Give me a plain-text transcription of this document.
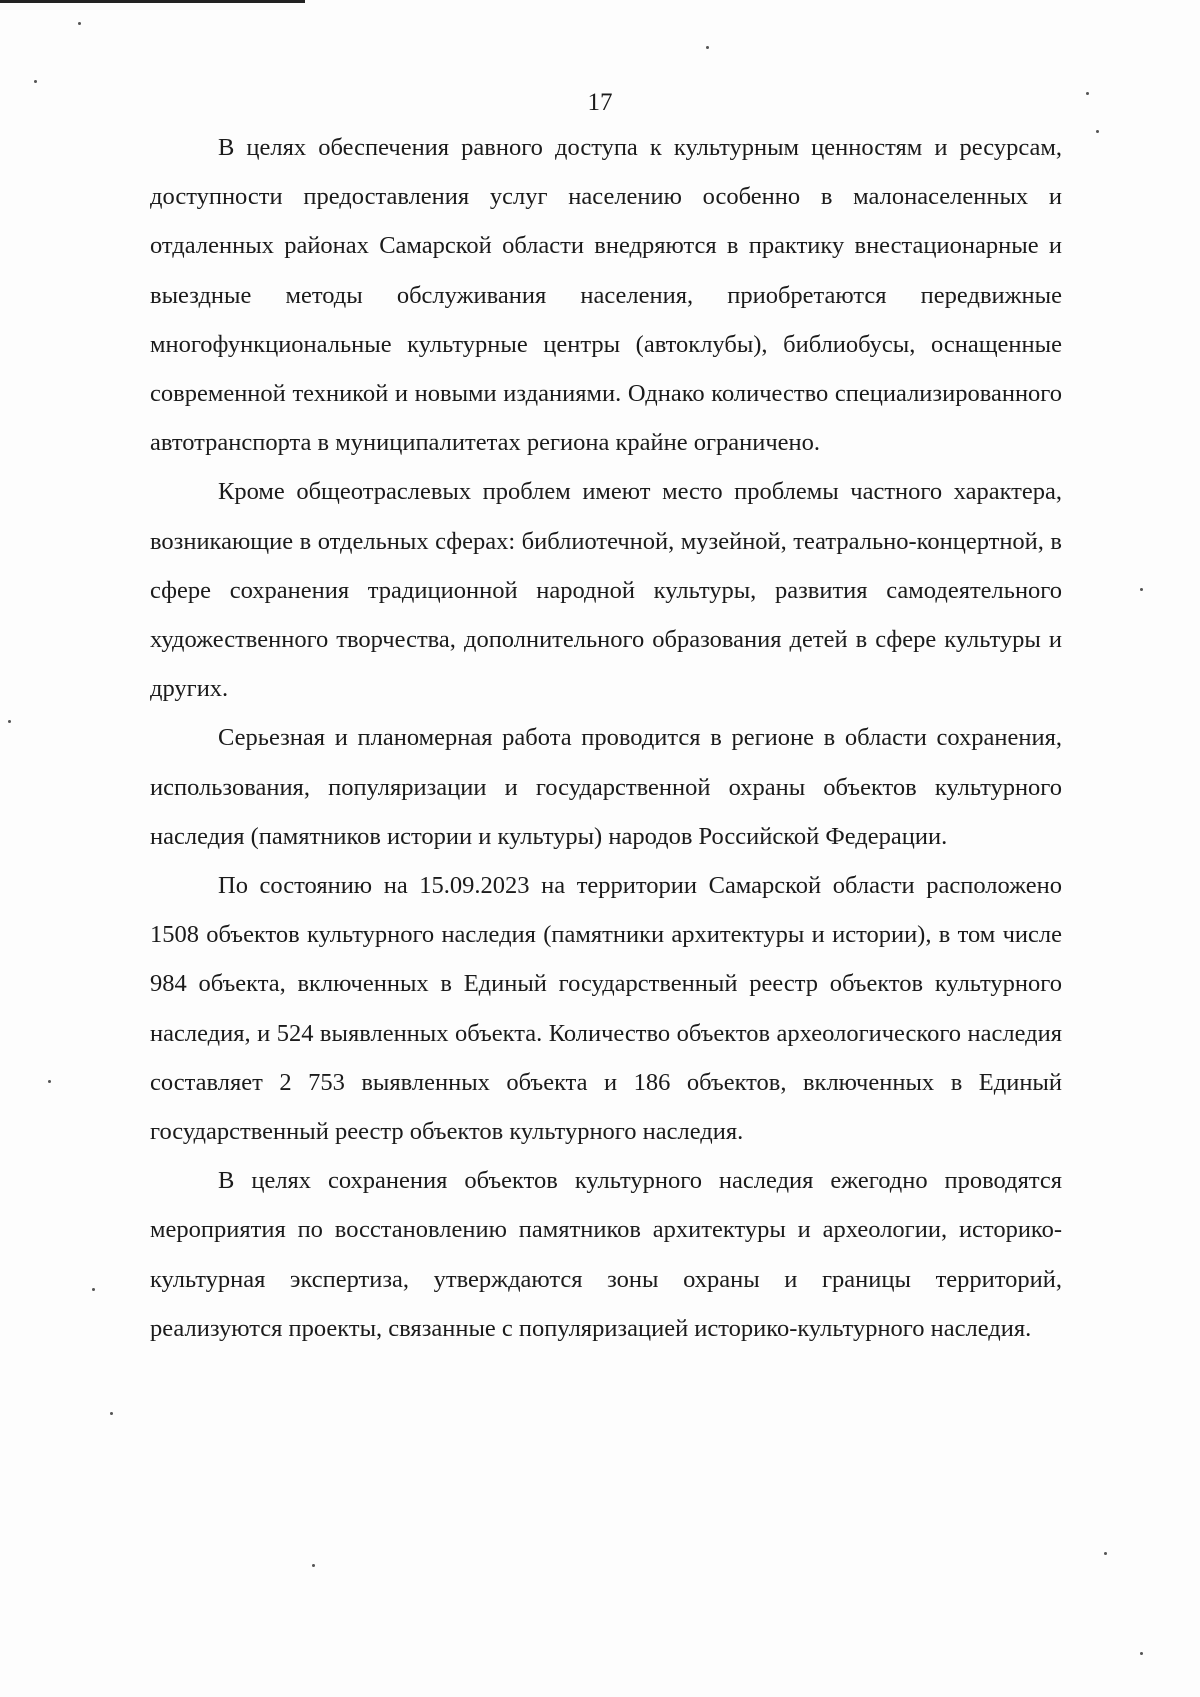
17

В целях обеспечения равного доступа к культурным ценностям и ресурсам, доступности предоставления услуг населению особенно в малонаселенных и отдаленных районах Самарской области внедряются в практику внестационарные и выездные методы обслуживания населения, приобретаются передвижные многофункциональные культурные центры (автоклубы), библиобусы, оснащенные современной техникой и новыми изданиями. Однако количество специализированного автотранспорта в муниципалитетах региона крайне ограничено.

Кроме общеотраслевых проблем имеют место проблемы частного характера, возникающие в отдельных сферах: библиотечной, музейной, театрально-концертной, в сфере сохранения традиционной народной культуры, развития самодеятельного художественного творчества, дополнительного образования детей в сфере культуры и других.

Серьезная и планомерная работа проводится в регионе в области сохранения, использования, популяризации и государственной охраны объектов культурного наследия (памятников истории и культуры) народов Российской Федерации.

По состоянию на 15.09.2023 на территории Самарской области расположено 1508 объектов культурного наследия (памятники архитектуры и истории), в том числе 984 объекта, включенных в Единый государственный реестр объектов культурного наследия, и 524 выявленных объекта. Количество объектов археологического наследия составляет 2 753 выявленных объекта и 186 объектов, включенных в Единый государственный реестр объектов культурного наследия.

В целях сохранения объектов культурного наследия ежегодно проводятся мероприятия по восстановлению памятников архитектуры и археологии, историко-культурная экспертиза, утверждаются зоны охраны и границы территорий, реализуются проекты, связанные с популяризацией историко-культурного наследия.
